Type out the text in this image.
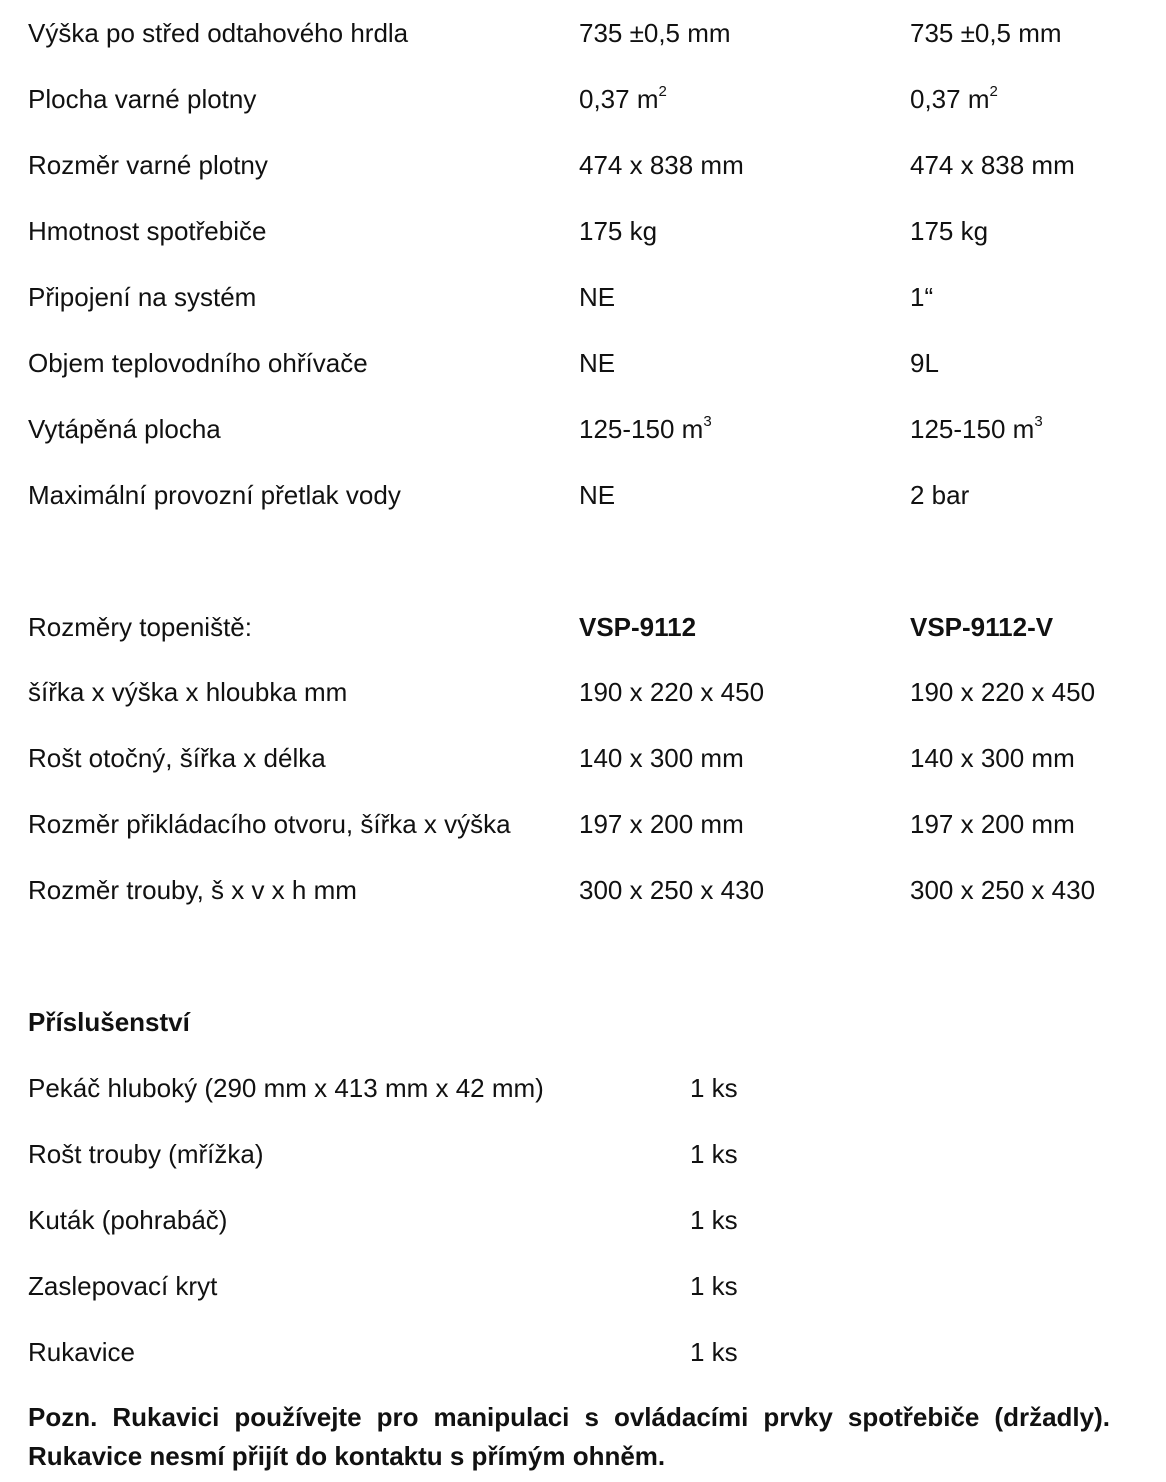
Výška po střed odtahového hrdla	735 ±0,5 mm	735 ±0,5 mm
Plocha varné plotny	0,37 $m^2$	0,37 $m^2$
Rozměr varné plotny	474 x 838 mm	474 x 838 mm
Hmotnost spotřebiče	175 kg	175 kg
Připojení na systém	NE	1“
Objem teplovodního ohřívače	NE	9L
Vytápěná plocha	125-150 $m^3$	125-150 $m^3$
Maximální provozní přetlak vody	NE	2 bar
Rozměry topeniště:	VSP-9112	VSP-9112-V
šířka x výška x hloubka mm	190 x 220 x 450	190 x 220 x 450
Rošt otočný, šířka x délka	140 x 300 mm	140 x 300 mm
Rozměr přikládacího otvoru, šířka x výška	197 x 200 mm	197 x 200 mm
Rozměr trouby, š x v x h mm	300 x 250 x 430	300 x 250 x 430
Příslušenství
Pekáč hluboký (290 mm x 413 mm x 42 mm)	1 ks
Rošt trouby (mřížka)	1 ks
Kuták (pohrabáč)	1 ks
Zaslepovací kryt	1 ks
Rukavice	1 ks
Pozn. Rukavici používejte pro manipulaci s ovládacími prvky spotřebiče (držadly).
Rukavice nesmí přijít do kontaktu s přímým ohněm.
